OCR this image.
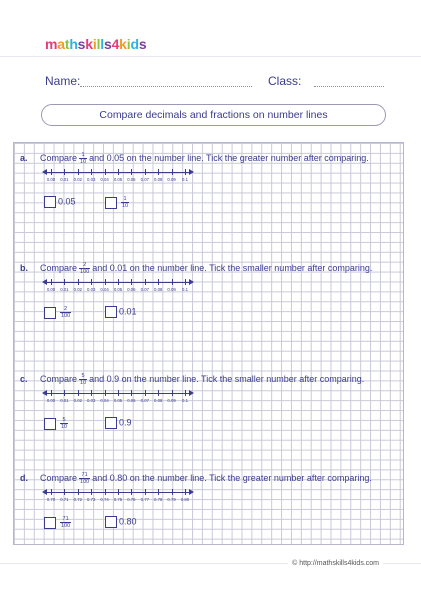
mathskills4kids
Name:	Class:
Compare decimals and fractions on number lines
a. Compare $\frac{1}{10}$ and 0.05 on the number line. Tick the greater number after comparing.
0.00 0.01 0.02 0.03 0.04 0.05 0.06 0.07 0.08 0.09 0.1
0.05	$\frac{1}{10}$
b. Compare $\frac{2}{100}$ and 0.01 on the number line. Tick the smaller number after comparing.
0.00 0.01 0.02 0.03 0.04 0.05 0.06 0.07 0.08 0.09 0.1
$\frac{2}{100}$	0.01
c. Compare $\frac{5}{10}$ and 0.9 on the number line. Tick the smaller number after comparing.
0.00 0.01 0.02 0.03 0.04 0.05 0.06 0.07 0.08 0.09 0.1
$\frac{5}{10}$	0.9
d. Compare $\frac{71}{100}$ and 0.80 on the number line. Tick the greater number after comparing.
0.70 0.71 0.72 0.73 0.74 0.75 0.76 0.77 0.78 0.79 0.80
$\frac{71}{100}$	0.80
© http://mathskills4kids.com
